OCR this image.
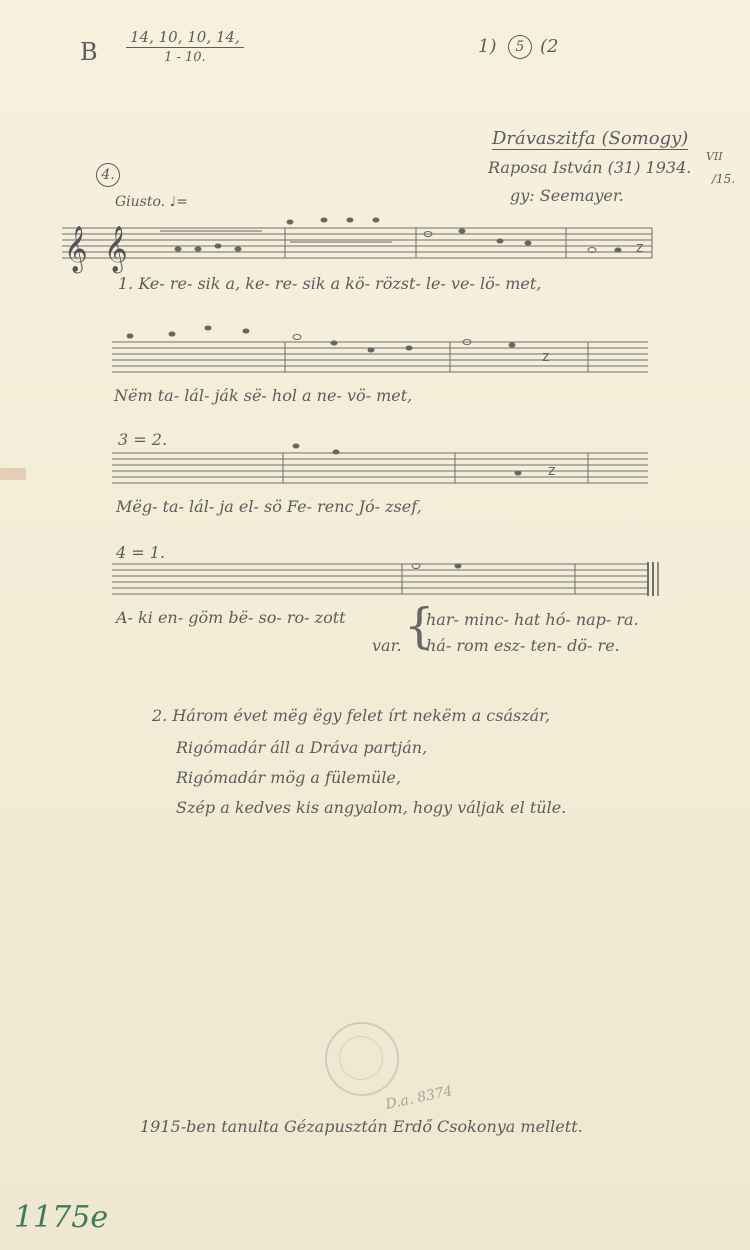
B $\frac{14, 10, 10, 14,}{1 - 10.}$	1)	5 (2
Drávaszitfa (Somogy)
Raposa István (31) 1934.
VII
/15.
gy: Seemayer.
4.
Giusto. ♩=
𝄞 𝄞	z
z
z
1. Ke- re- sik a, ke- re- sik a kö- rözst- le- ve- lö- met,
Nëm ta- lál- ják së- hol a ne- vö- met,
3 = 2.
Mëg- ta- lál- ja el- sö Fe- renc Jó- zsef,
4 = 1.
A- ki en- göm bë- so- ro- zott
var. {
har- minc- hat hó- nap- ra.
há- rom esz- ten- dö- re.
2. Három évet mëg ëgy felet írt nekëm a császár,
Rigómadár áll a Dráva partján,
Rigómadár mög a fülemüle,
Szép a kedves kis angyalom, hogy váljak el tüle.
D.a. 8374
1915-ben tanulta Gézapusztán Erdő Csokonya mellett.
1175e
